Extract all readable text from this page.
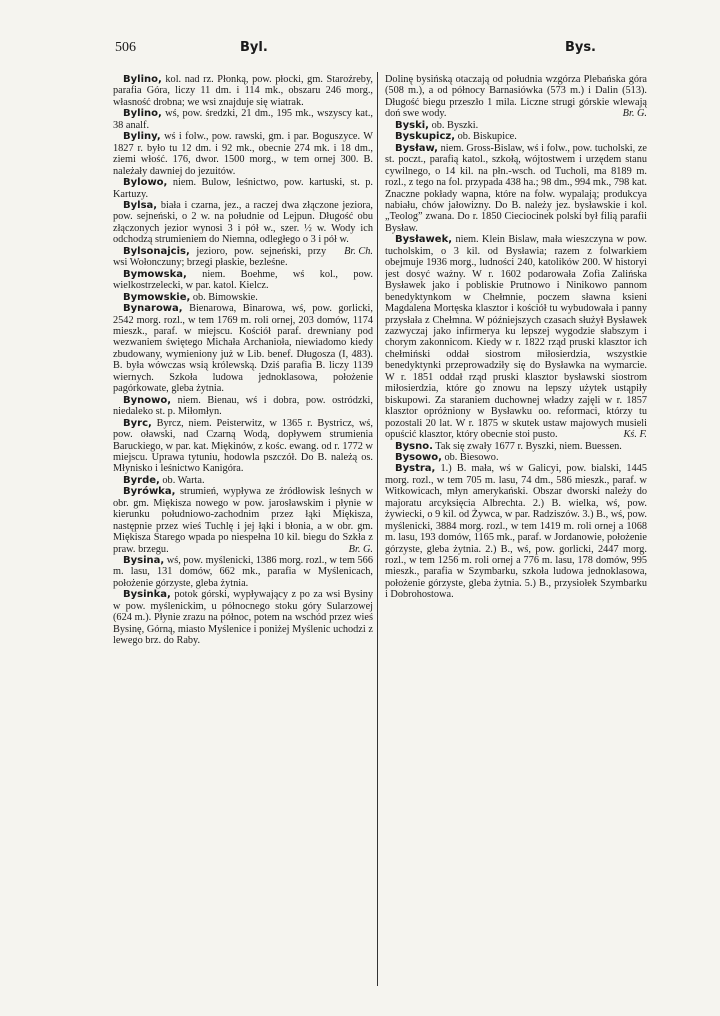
506	Byl.	Bys.

Bylino, kol. nad rz. Płonką, pow. płocki, gm. Staroźreby, parafia Góra, liczy 11 dm. i 114 mk., obszaru 246 morg., własność drobna; we wsi znajduje się wiatrak.

Bylino, wś, pow. średzki, 21 dm., 195 mk., wszyscy kat., 38 analf.

Byliny, wś i folw., pow. rawski, gm. i par. Boguszyce. W 1827 r. było tu 12 dm. i 92 mk., obecnie 274 mk. i 18 dm., ziemi włość. 176, dwor. 1500 morg., w tem ornej 300. B. należały dawniej do jezuitów.

Bylowo, niem. Bulow, leśnictwo, pow. kartuski, st. p. Kartuzy.

Bylsa, biała i czarna, jez., a raczej dwa złączone jeziora, pow. sejneński, o 2 w. na południe od Lejpun. Długość obu złączonych jezior wynosi 3 i pół w., szer. ½ w. Wody ich odchodzą strumieniem do Niemna, odległego o 3 i pół w.
Br. Ch.

Bylsonajcis, jezioro, pow. sejneński, przy wsi Wołonczuny; brzegi płaskie, bezleśne.

Bymowska, niem. Boehme, wś kol., pow. wielkostrzelecki, w par. katol. Kielcz.

Bymowskie, ob. Bimowskie.

Bynarowa, Bienarowa, Binarowa, wś, pow. gorlicki, 2542 morg. rozl., w tem 1769 m. roli ornej, 203 domów, 1174 mieszk., paraf. w miejscu. Kościół paraf. drewniany pod wezwaniem świętego Michała Archanioła, niewiadomo kiedy zbudowany, wymieniony już w Lib. benef. Długosza (I, 483). B. była wówczas wsią królewską. Dziś parafia B. liczy 1139 wiernych. Szkoła ludowa jednoklasowa, położenie pagórkowate, gleba żytnia.

Bynowo, niem. Bienau, wś i dobra, pow. ostródzki, niedaleko st. p. Miłomłyn.

Byrc, Byrcz, niem. Peisterwitz, w 1365 r. Bystricz, wś, pow. oławski, nad Czarną Wodą, dopływem strumienia Baruckiego, w par. kat. Miękinów, z kośc. ewang. od r. 1772 w miejscu. Uprawa tytuniu, hodowla pszczół. Do B. należą os. Młynisko i leśnictwo Kanigóra.

Byrde, ob. Warta.

Byrówka, strumień, wypływa ze źródłowisk leśnych w obr. gm. Miękisza nowego w pow. jarosławskim i płynie w kierunku południowo-zachodnim przez łąki Miękisza, następnie przez wieś Tuchlę i jej łąki i błonia, a w obr. gm. Miękisza Starego wpada po niespełna 10 kil. biegu do Szkła z praw. brzegu.	Br. G.

Bysina, wś, pow. myślenicki, 1386 morg. rozl., w tem 566 m. lasu, 131 domów, 662 mk., parafia w Myślenicach, położenie górzyste, gleba żytnia.

Bysinka, potok górski, wypływający z po za wsi Bysiny w pow. myślenickim, u północnego stoku góry Sularzowej (624 m.). Płynie zrazu na północ, potem na wschód przez wieś Bysinę, Górną, miasto Myślenice i poniżej Myślenic uchodzi z lewego brz. do Raby.

Dolinę bysińską otaczają od południa wzgórza Plebańska góra (508 m.), a od północy Barnasiówka (573 m.) i Dalin (513). Długość biegu przeszło 1 mila. Liczne strugi górskie wlewają doń swe wody.	Br. G.

Byski, ob. Byszki.

Byskupicz, ob. Biskupice.

Bysław, niem. Gross-Bislaw, wś i folw., pow. tucholski, ze st. poczt., parafią katol., szkołą, wójtostwem i urzędem stanu cywilnego, o 14 kil. na płn.-wsch. od Tucholi, ma 8189 m. rozl., z tego na fol. przypada 438 ha.; 98 dm., 994 mk., 798 kat. Znaczne pokłady wapna, które na folw. wypalają; produkcya nabiału, chów jałowizny. Do B. należy jez. bysławskie i kol. „Teolog” zwana. Do r. 1850 Cieciocinek polski był filią parafii Bysław.

Bysławek, niem. Klein Bislaw, mała wieszczyna w pow. tucholskim, o 3 kil. od Bysławia; razem z folwarkiem obejmuje 1936 morg., ludności 240, katolików 200. W historyi jest dosyć ważny. W r. 1602 podarowała Zofia Zalińska Bysławek jako i pobliskie Prutnowo i Ninikowo pannom benedyktynkom w Chełmnie, poczem sławna ksieni Magdalena Mortęska klasztor i kościół tu wybudowała i panny przysłała z Chełmna. W późniejszych czasach służył Bysławek zazwyczaj jako infirmerya ku lepszej wygodzie słabszym i chorym zakonnicom. Kiedy w r. 1822 rząd pruski klasztor ich chełmiński oddał siostrom miłosierdzia, wszystkie benedyktynki przeprowadziły się do Bysławka na wymarcie. W r. 1851 oddał rząd pruski klasztor bysławski siostrom miłosierdzia, które go znowu na lepszy użytek ustąpiły biskupowi. Za staraniem duchownej władzy zajęli w r. 1857 klasztor opróżniony w Bysławku oo. reformaci, którzy tu pozostali 20 lat. W r. 1875 w skutek ustaw majowych musieli opuścić klasztor, który obecnie stoi pusto.	Kś. F.

Bysno. Tak się zwały 1677 r. Byszki, niem. Buessen.

Bysowo, ob. Biesowo.

Bystra, 1.) B. mała, wś w Galicyi, pow. bialski, 1445 morg. rozl., w tem 705 m. lasu, 74 dm., 586 mieszk., paraf. w Witkowicach, młyn amerykański. Obszar dworski należy do majoratu arcyksięcia Albrechta. 2.) B. wielka, wś, pow. żywiecki, o 9 kil. od Żywca, w par. Radziszów. 3.) B., wś, pow. myślenicki, 3884 morg. rozl., w tem 1419 m. roli ornej a 1068 m. lasu, 193 domów, 1165 mk., paraf. w Jordanowie, położenie górzyste, gleba żytnia. 2.) B., wś, pow. gorlicki, 2447 morg. rozl., w tem 1256 m. roli ornej a 776 m. lasu, 178 domów, 995 mieszk., parafia w Szymbarku, szkoła ludowa jednoklasowa, położenie górzyste, gleba żytnia. 5.) B., przysiołek Szymbarku i Dobrohostowa.
